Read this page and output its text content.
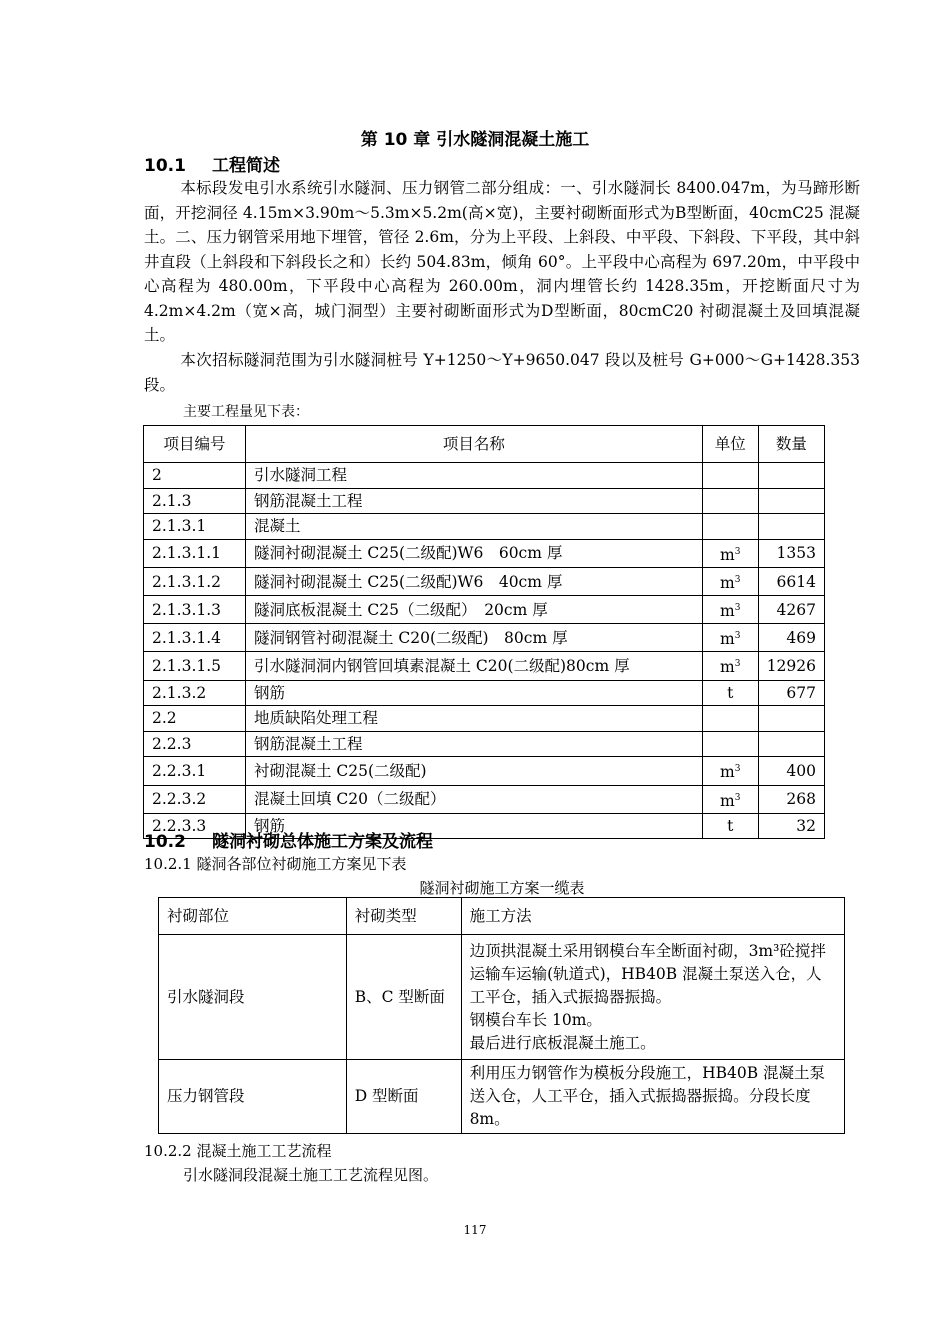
第 10 章 引水隧洞混凝土施工
10.1 工程简述
本标段发电引水系统引水隧洞、压力钢管二部分组成：一、引水隧洞长 8400.047m，为马蹄形断面，开挖洞径 4.15m×3.90m～5.3m×5.2m(高×宽)，主要衬砌断面形式为B型断面，40cmC25 混凝土。二、压力钢管采用地下埋管，管径 2.6m，分为上平段、上斜段、中平段、下斜段、下平段，其中斜井直段（上斜段和下斜段长之和）长约 504.83m，倾角 60°。上平段中心高程为 697.20m，中平段中心高程为 480.00m，下平段中心高程为 260.00m，洞内埋管长约 1428.35m，开挖断面尺寸为 4.2m×4.2m（宽×高，城门洞型）主要衬砌断面形式为D型断面，80cmC20 衬砌混凝土及回填混凝土。
本次招标隧洞范围为引水隧洞桩号 Y+1250～Y+9650.047 段以及桩号 G+000～G+1428.353 段。
主要工程量见下表：
项目编号	项目名称	单位	数量
2	引水隧洞工程		
2.1.3	钢筋混凝土工程		
2.1.3.1	混凝土		
2.1.3.1.1	隧洞衬砌混凝土 C25(二级配)W6　60cm 厚	$m^3$	1353
2.1.3.1.2	隧洞衬砌混凝土 C25(二级配)W6　40cm 厚	$m^3$	6614
2.1.3.1.3	隧洞底板混凝土 C25（二级配）　20cm 厚	$m^3$	4267
2.1.3.1.4	隧洞钢管衬砌混凝土 C20(二级配)　80cm 厚	$m^3$	469
2.1.3.1.5	引水隧洞洞内钢管回填素混凝土 C20(二级配)80cm 厚	$m^3$	12926
2.1.3.2	钢筋	t	677
2.2	地质缺陷处理工程		
2.2.3	钢筋混凝土工程		
2.2.3.1	衬砌混凝土 C25(二级配)	$m^3$	400
2.2.3.2	混凝土回填 C20（二级配）	$m^3$	268
2.2.3.3	钢筋	t	32
10.2 隧洞衬砌总体施工方案及流程
10.2.1 隧洞各部位衬砌施工方案见下表
隧洞衬砌施工方案一缆表
衬砌部位	衬砌类型	施工方法
引水隧洞段	B、C 型断面	边顶拱混凝土采用钢模台车全断面衬砌，3m³砼搅拌运输车运输(轨道式)，HB40B 混凝土泵送入仓，人工平仓，插入式振捣器振捣。
钢模台车长 10m。
最后进行底板混凝土施工。

压力钢管段	D 型断面	利用压力钢管作为模板分段施工，HB40B 混凝土泵送入仓，人工平仓，插入式振捣器振捣。分段长度 8m。
10.2.2 混凝土施工工艺流程
引水隧洞段混凝土施工工艺流程见图。
117
